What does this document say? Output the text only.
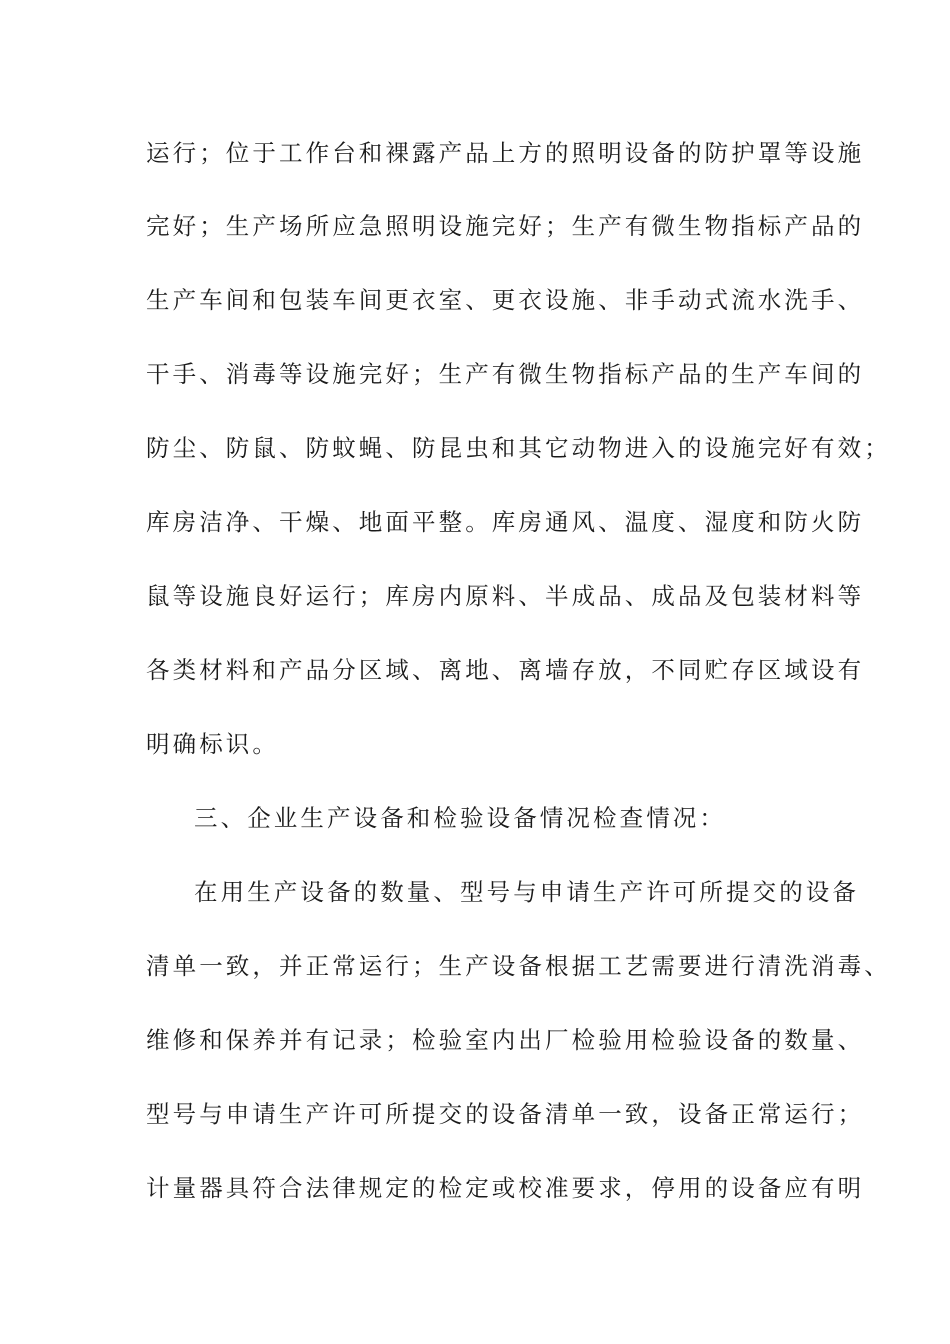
运行；位于工作台和裸露产品上方的照明设备的防护罩等设施
完好；生产场所应急照明设施完好；生产有微生物指标产品的
生产车间和包装车间更衣室、更衣设施、非手动式流水洗手、
干手、消毒等设施完好；生产有微生物指标产品的生产车间的
防尘、防鼠、防蚊蝇、防昆虫和其它动物进入的设施完好有效；
库房洁净、干燥、地面平整。库房通风、温度、湿度和防火防
鼠等设施良好运行；库房内原料、半成品、成品及包装材料等
各类材料和产品分区域、离地、离墙存放，不同贮存区域设有
明确标识。
三、企业生产设备和检验设备情况检查情况：
在用生产设备的数量、型号与申请生产许可所提交的设备
清单一致，并正常运行；生产设备根据工艺需要进行清洗消毒、
维修和保养并有记录；检验室内出厂检验用检验设备的数量、
型号与申请生产许可所提交的设备清单一致，设备正常运行；
计量器具符合法律规定的检定或校准要求，停用的设备应有明
